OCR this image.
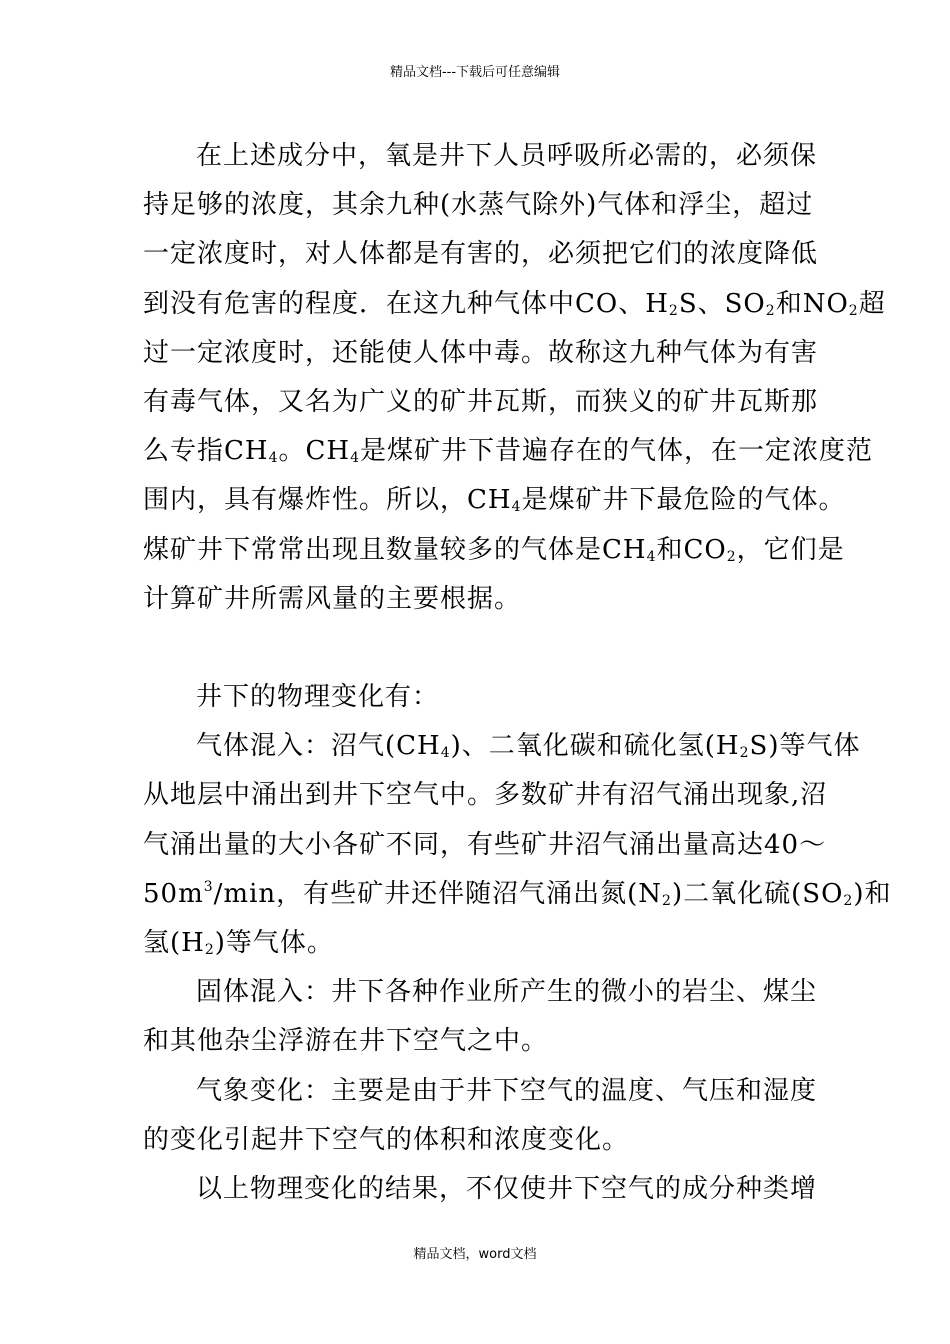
精品文档---下载后可任意编辑
在上述成分中，氧是井下人员呼吸所必需的，必须保
持足够的浓度，其余九种(水蒸气除外)气体和浮尘，超过
一定浓度时，对人体都是有害的，必须把它们的浓度降低
到没有危害的程度．在这九种气体中CO、$H_2S$、$SO_2$和$NO_2$超
过一定浓度时，还能使人体中毒。故称这九种气体为有害
有毒气体，又名为广义的矿井瓦斯，而狭义的矿井瓦斯那
么专指$CH_4$。$CH_4$是煤矿井下昔遍存在的气体，在一定浓度范
围内，具有爆炸性。所以，$CH_4$是煤矿井下最危险的气体。
煤矿井下常常出现且数量较多的气体是$CH_4$和$CO_2$，它们是
计算矿井所需风量的主要根据。
井下的物理变化有：
气体混入：沼气$(CH_4)$、二氧化碳和硫化氢$(H_2S)$等气体
从地层中涌出到井下空气中。多数矿井有沼气涌出现象,沼
气涌出量的大小各矿不同，有些矿井沼气涌出量高达40～
$50m^3/\min$，有些矿井还伴随沼气涌出氮$(N_2)$二氧化硫$(SO_2)$和
氢$(H_2)$等气体。
固体混入：井下各种作业所产生的微小的岩尘、煤尘
和其他杂尘浮游在井下空气之中。
气象变化：主要是由于井下空气的温度、气压和湿度
的变化引起井下空气的体积和浓度变化。
以上物理变化的结果，不仅使井下空气的成分种类增
精品文档，word文档
